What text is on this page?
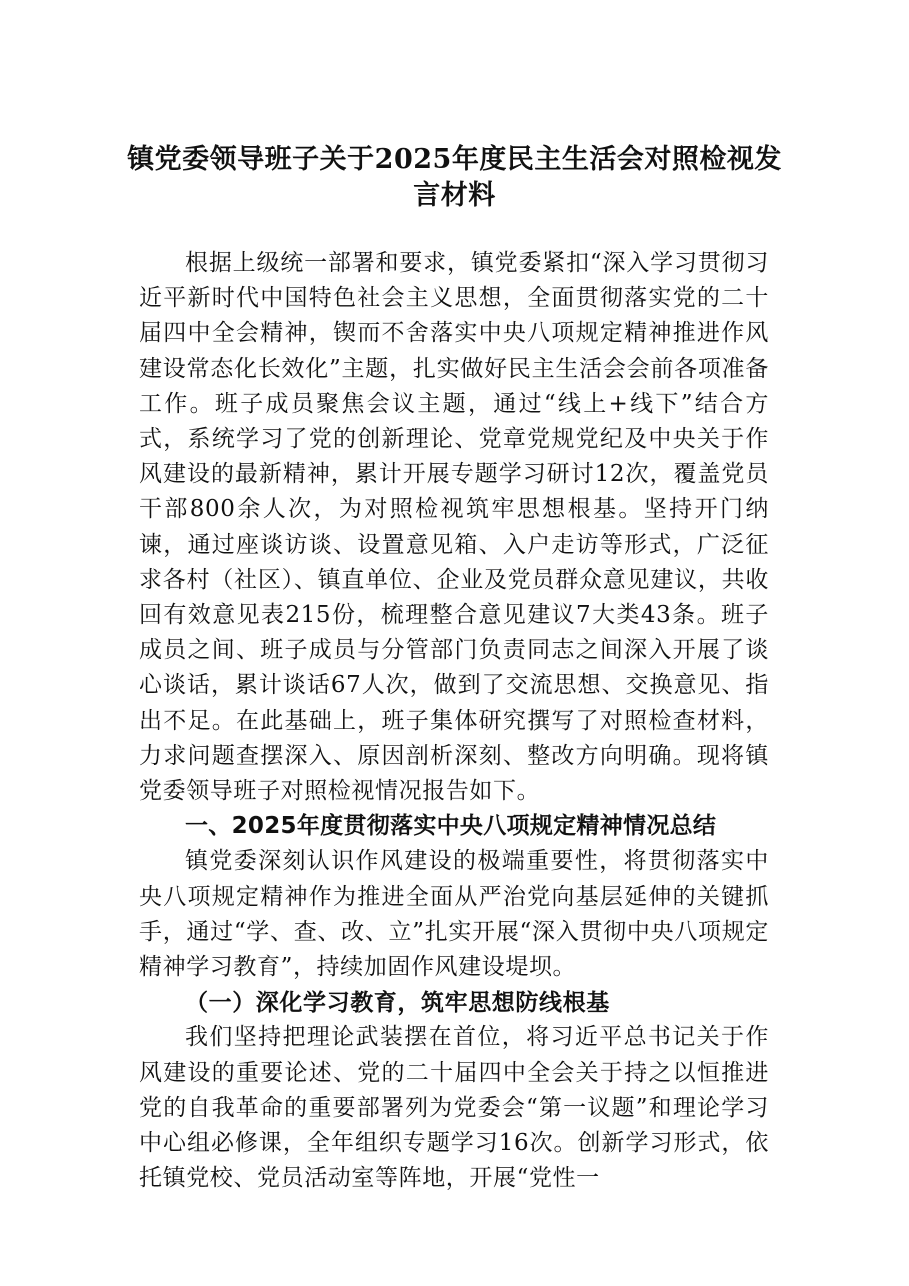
镇党委领导班子关于2025年度民主生活会对照检视发言材料

根据上级统一部署和要求，镇党委紧扣“深入学习贯彻习近平新时代中国特色社会主义思想，全面贯彻落实党的二十届四中全会精神，锲而不舍落实中央八项规定精神推进作风建设常态化长效化”主题，扎实做好民主生活会会前各项准备工作。班子成员聚焦会议主题，通过“线上+线下”结合方式，系统学习了党的创新理论、党章党规党纪及中央关于作风建设的最新精神，累计开展专题学习研讨12次，覆盖党员干部800余人次，为对照检视筑牢思想根基。坚持开门纳谏，通过座谈访谈、设置意见箱、入户走访等形式，广泛征求各村（社区）、镇直单位、企业及党员群众意见建议，共收回有效意见表215份，梳理整合意见建议7大类43条。班子成员之间、班子成员与分管部门负责同志之间深入开展了谈心谈话，累计谈话67人次，做到了交流思想、交换意见、指出不足。在此基础上，班子集体研究撰写了对照检查材料，力求问题查摆深入、原因剖析深刻、整改方向明确。现将镇党委领导班子对照检视情况报告如下。

一、2025年度贯彻落实中央八项规定精神情况总结

镇党委深刻认识作风建设的极端重要性，将贯彻落实中央八项规定精神作为推进全面从严治党向基层延伸的关键抓手，通过“学、查、改、立”扎实开展“深入贯彻中央八项规定精神学习教育”，持续加固作风建设堤坝。

（一）深化学习教育，筑牢思想防线根基

我们坚持把理论武装摆在首位，将习近平总书记关于作风建设的重要论述、党的二十届四中全会关于持之以恒推进党的自我革命的重要部署列为党委会“第一议题”和理论学习中心组必修课，全年组织专题学习16次。创新学习形式，依托镇党校、党员活动室等阵地，开展“党性一
